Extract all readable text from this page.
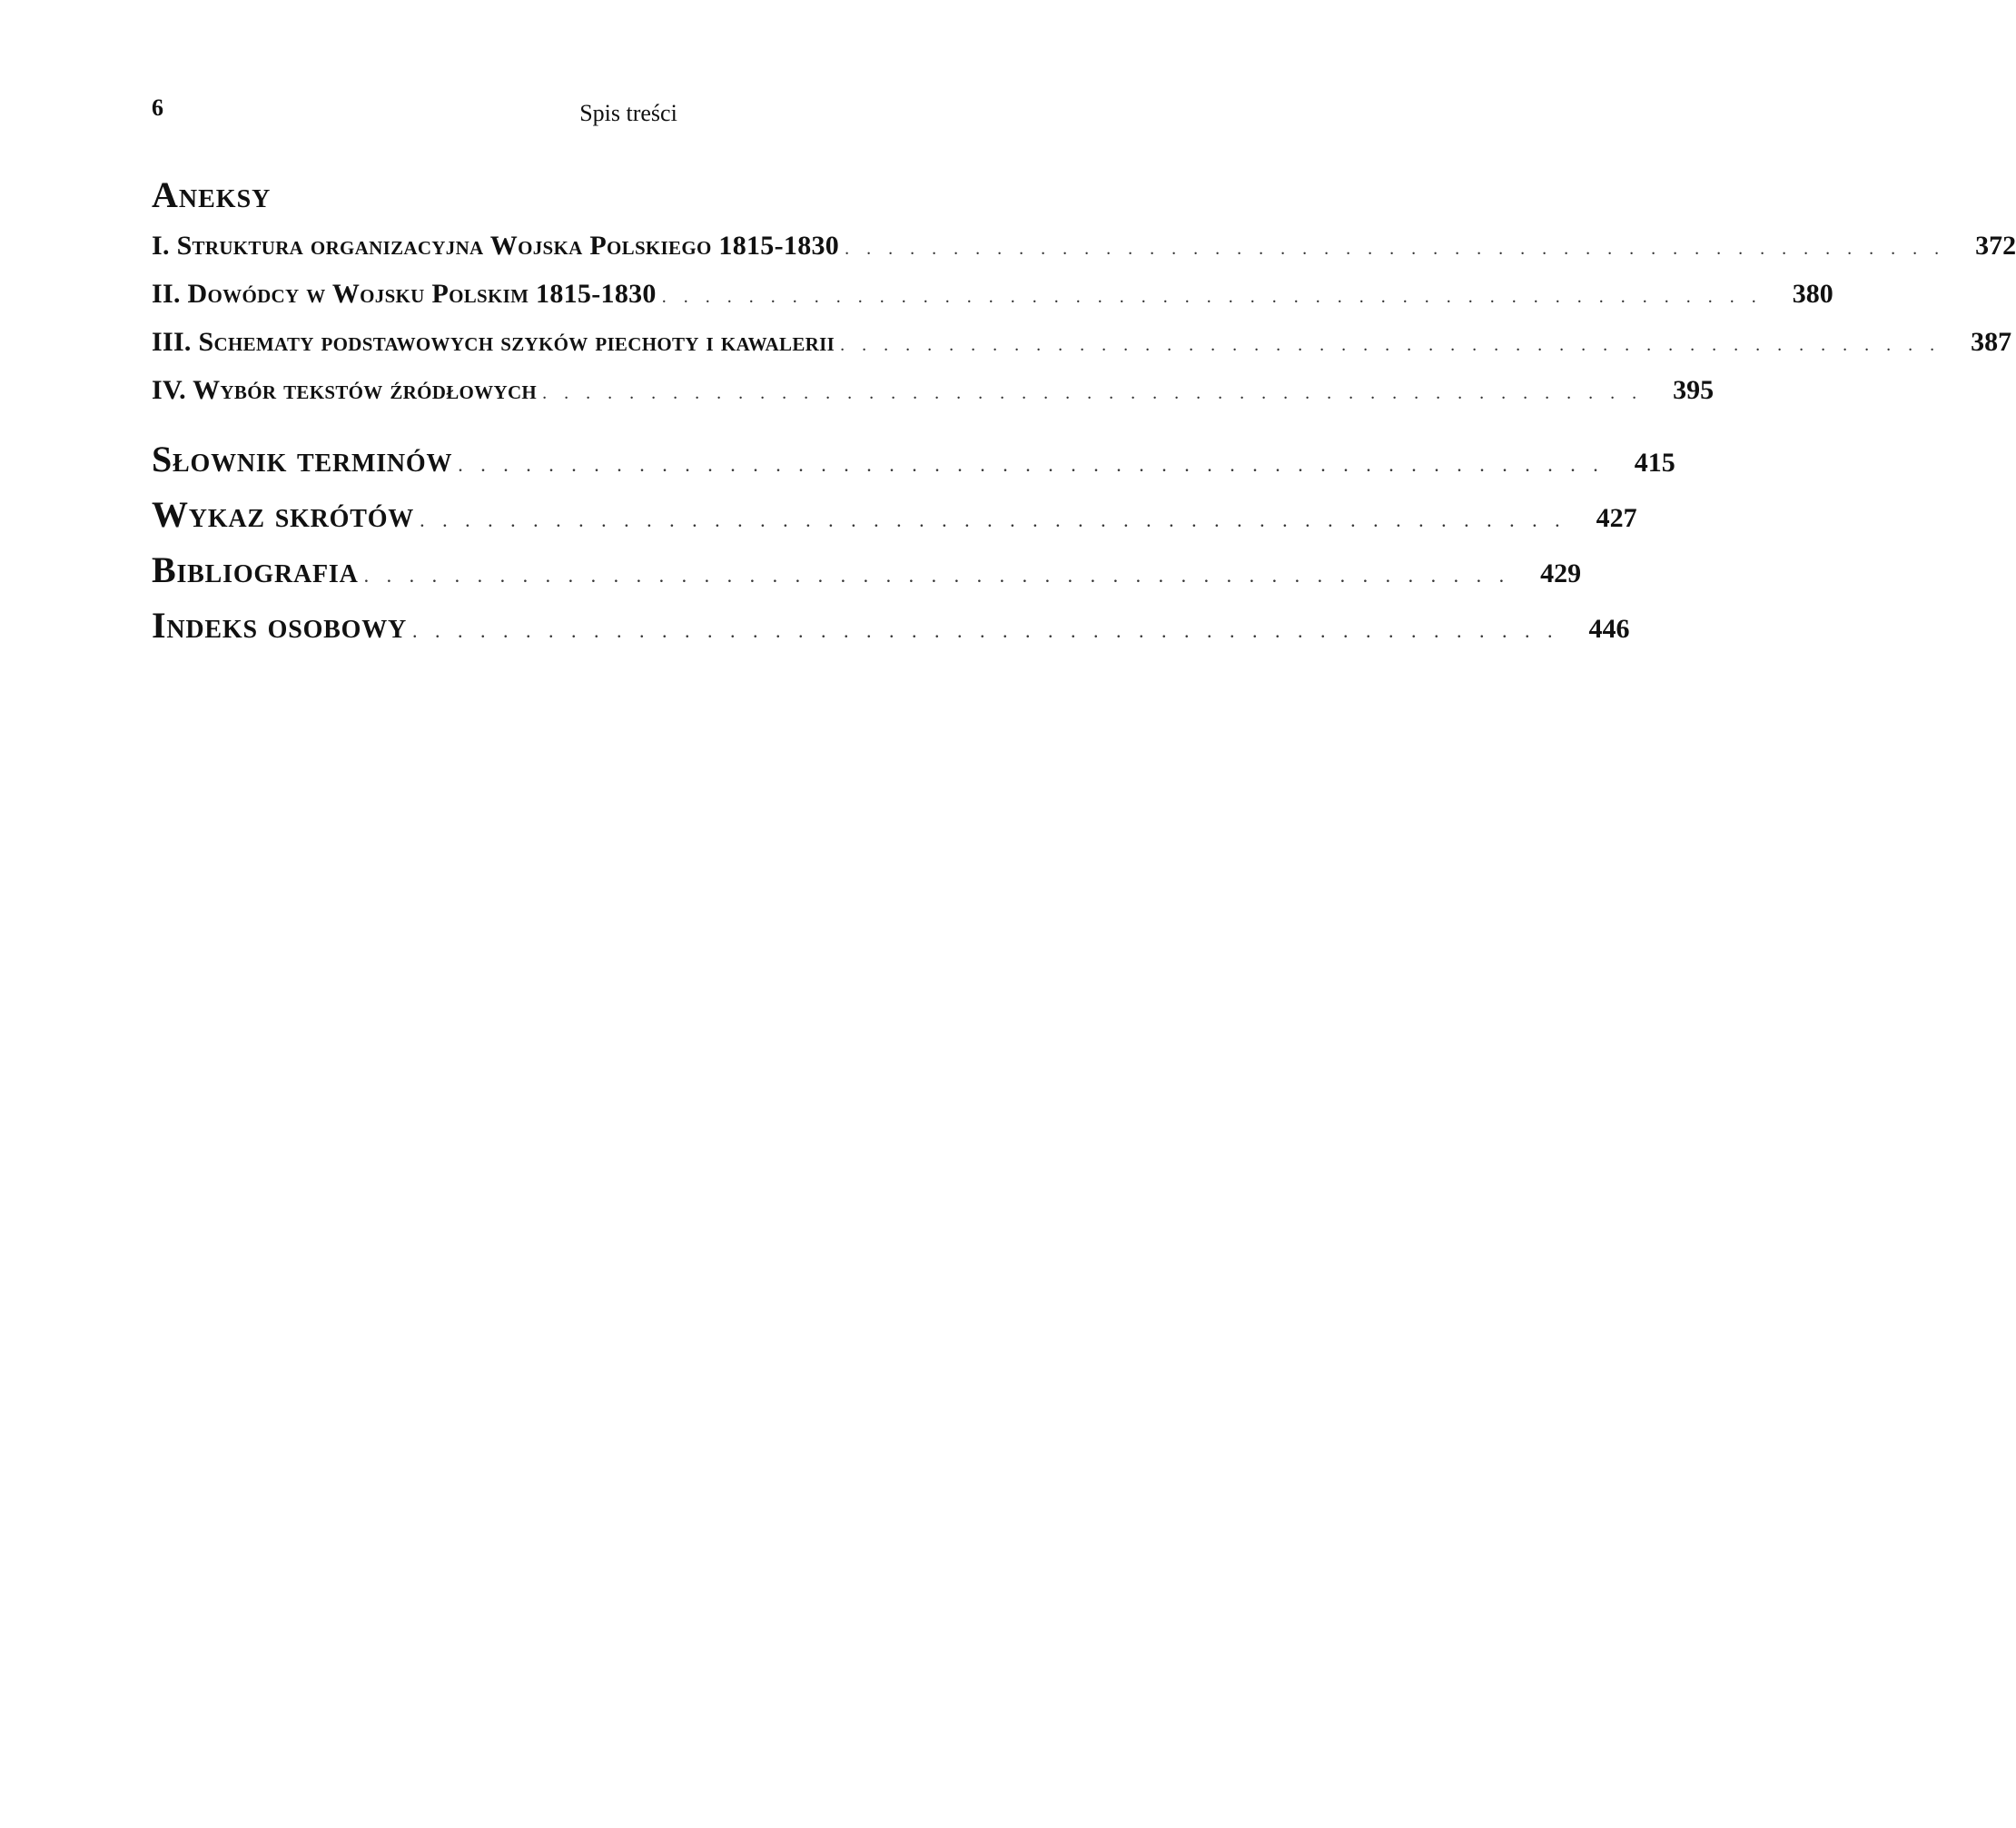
6	Spis treści
Aneksy
I. Struktura organizacyjna Wojska Polskiego 1815-1830 . . . . . . . . . . . . . . . . . . . . . . . . . . . . . . . . . . . . . . . . . . . . . . . . . . .	372
II. Dowódcy w Wojsku Polskim 1815-1830 . . . . . . . . . . . . . . . . . . . . . . . . . . . . . . . . . . . . . . . . . . . . . . . . . . .	380
III. Schematy podstawowych szyków piechoty i kawalerii . . . . . . . . . . . . . . . . . . . . . . . . . . . . . . . . . . . . . . . . . . . . . . . . . . .	387
IV. Wybór tekstów źródłowych . . . . . . . . . . . . . . . . . . . . . . . . . . . . . . . . . . . . . . . . . . . . . . . . . . .	395
Słownik terminów . . . . . . . . . . . . . . . . . . . . . . . . . . . . . . . . . . . . . . . . . . . . . . . . . . .	415
Wykaz skrótów . . . . . . . . . . . . . . . . . . . . . . . . . . . . . . . . . . . . . . . . . . . . . . . . . . .	427
Bibliografia . . . . . . . . . . . . . . . . . . . . . . . . . . . . . . . . . . . . . . . . . . . . . . . . . . .	429
Indeks osobowy . . . . . . . . . . . . . . . . . . . . . . . . . . . . . . . . . . . . . . . . . . . . . . . . . . .	446
